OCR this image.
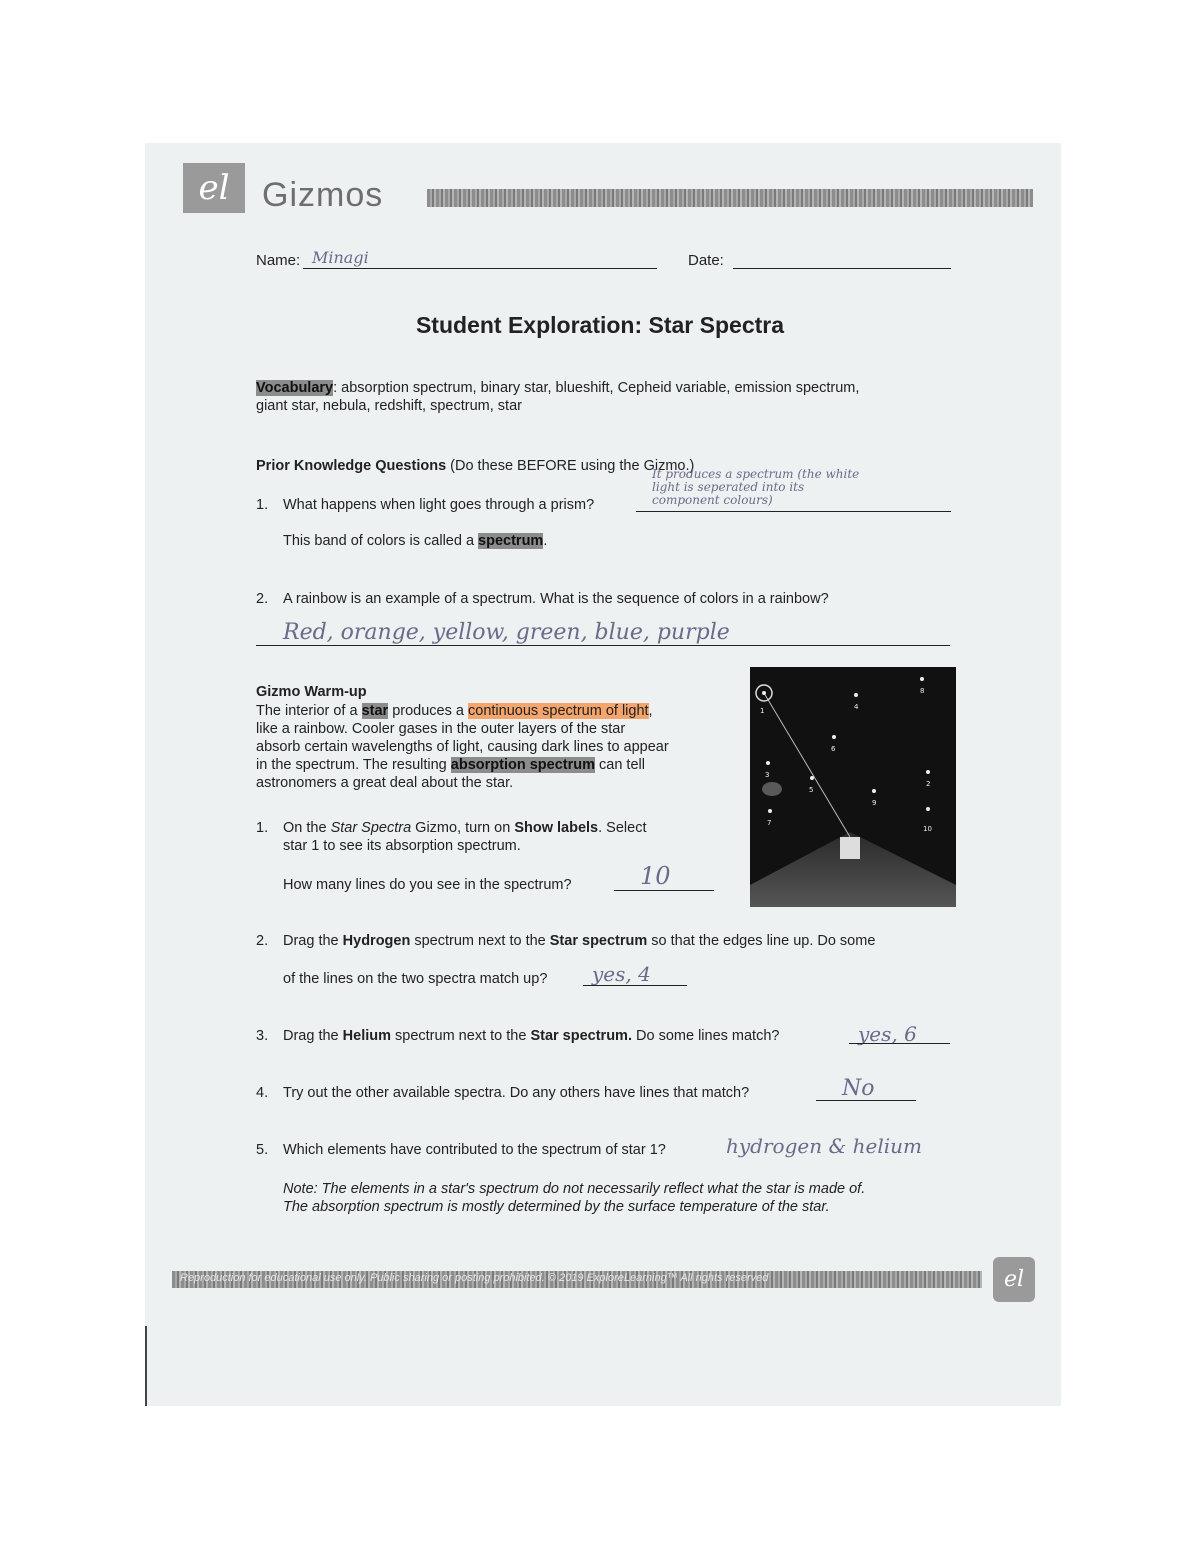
el Gizmos
Name: Minagi	Date:
Student Exploration: Star Spectra
Vocabulary: absorption spectrum, binary star, blueshift, Cepheid variable, emission spectrum,
giant star, nebula, redshift, spectrum, star
Prior Knowledge Questions (Do these BEFORE using the Gizmo.)
It produces a spectrum (the white
light is seperated into its
component colours)
1. What happens when light goes through a prism?
This band of colors is called a spectrum.
2. A rainbow is an example of a spectrum. What is the sequence of colors in a rainbow?
Red, orange, yellow, green, blue, purple
Gizmo Warm-up
The interior of a star produces a continuous spectrum of light,
like a rainbow. Cooler gases in the outer layers of the star
absorb certain wavelengths of light, causing dark lines to appear
in the spectrum. The resulting absorption spectrum can tell
astronomers a great deal about the star.
1. On the Star Spectra Gizmo, turn on Show labels. Select
star 1 to see its absorption spectrum.
How many lines do you see in the spectrum?	10
1
2
3
4
5
6
7
8
9
10
2. Drag the Hydrogen spectrum next to the Star spectrum so that the edges line up. Do some
of the lines on the two spectra match up? yes, 4
3. Drag the Helium spectrum next to the Star spectrum. Do some lines match?	yes, 6
4. Try out the other available spectra. Do any others have lines that match?	No
5. Which elements have contributed to the spectrum of star 1?	hydrogen & helium
Note: The elements in a star's spectrum do not necessarily reflect what the star is made of.
The absorption spectrum is mostly determined by the surface temperature of the star.
Reproduction for educational use only. Public sharing or posting prohibited. © 2019 ExploreLearning™ All rights reserved	el
